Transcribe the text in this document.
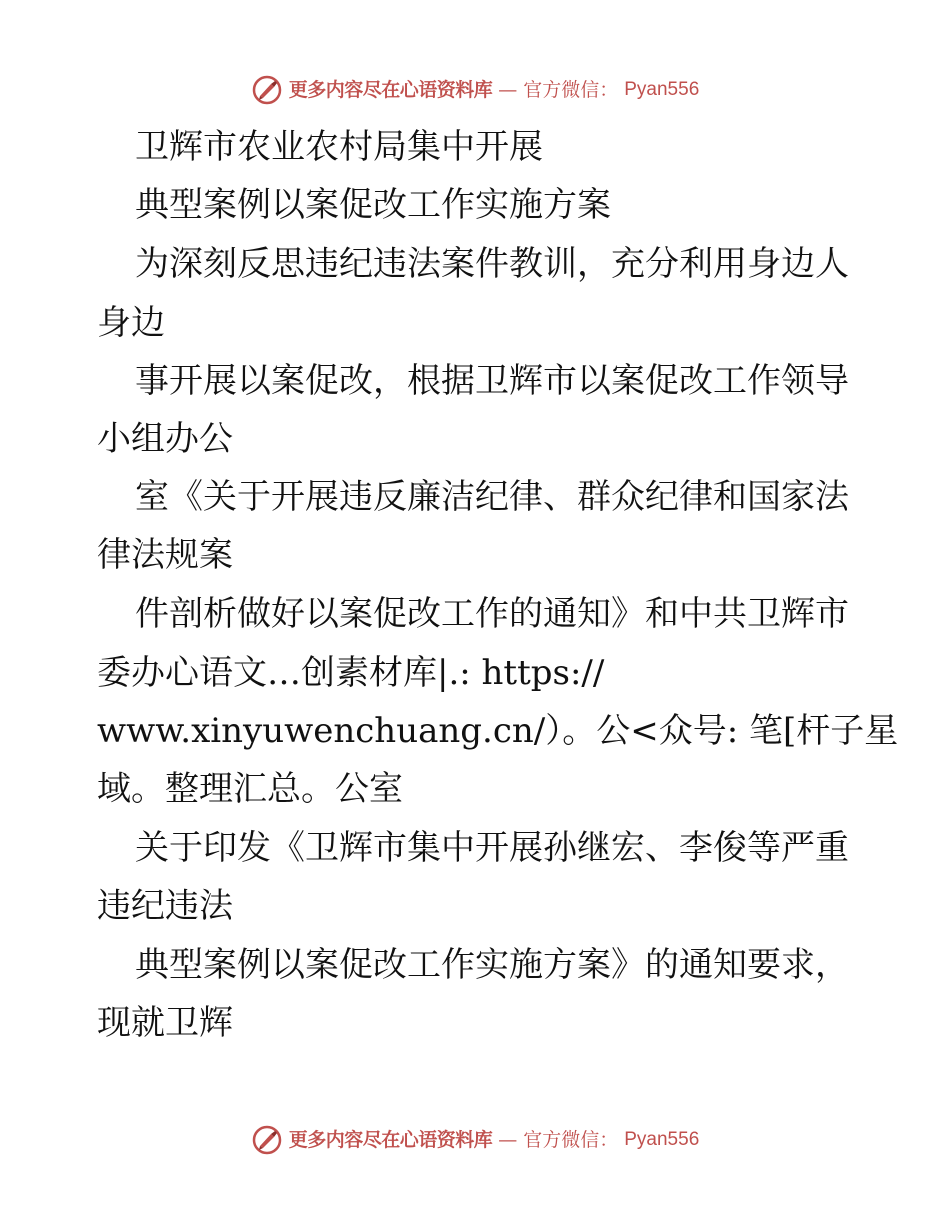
更多内容尽在心语资料库 — 官方微信： Pyan556
卫辉市农业农村局集中开展
典型案例以案促改工作实施方案
为深刻反思违纪违法案件教训，充分利用身边人
身边
事开展以案促改，根据卫辉市以案促改工作领导
小组办公
室《关于开展违反廉洁纪律、群众纪律和国家法
律法规案
件剖析做好以案促改工作的通知》和中共卫辉市
委办心语文…创素材库|.: https://
www.xinyuwenchuang.cn/）。公<众号: 笔[杆子星
域。整理汇总。公室
关于印发《卫辉市集中开展孙继宏、李俊等严重
违纪违法
典型案例以案促改工作实施方案》的通知要求，
现就卫辉
更多内容尽在心语资料库 — 官方微信： Pyan556
